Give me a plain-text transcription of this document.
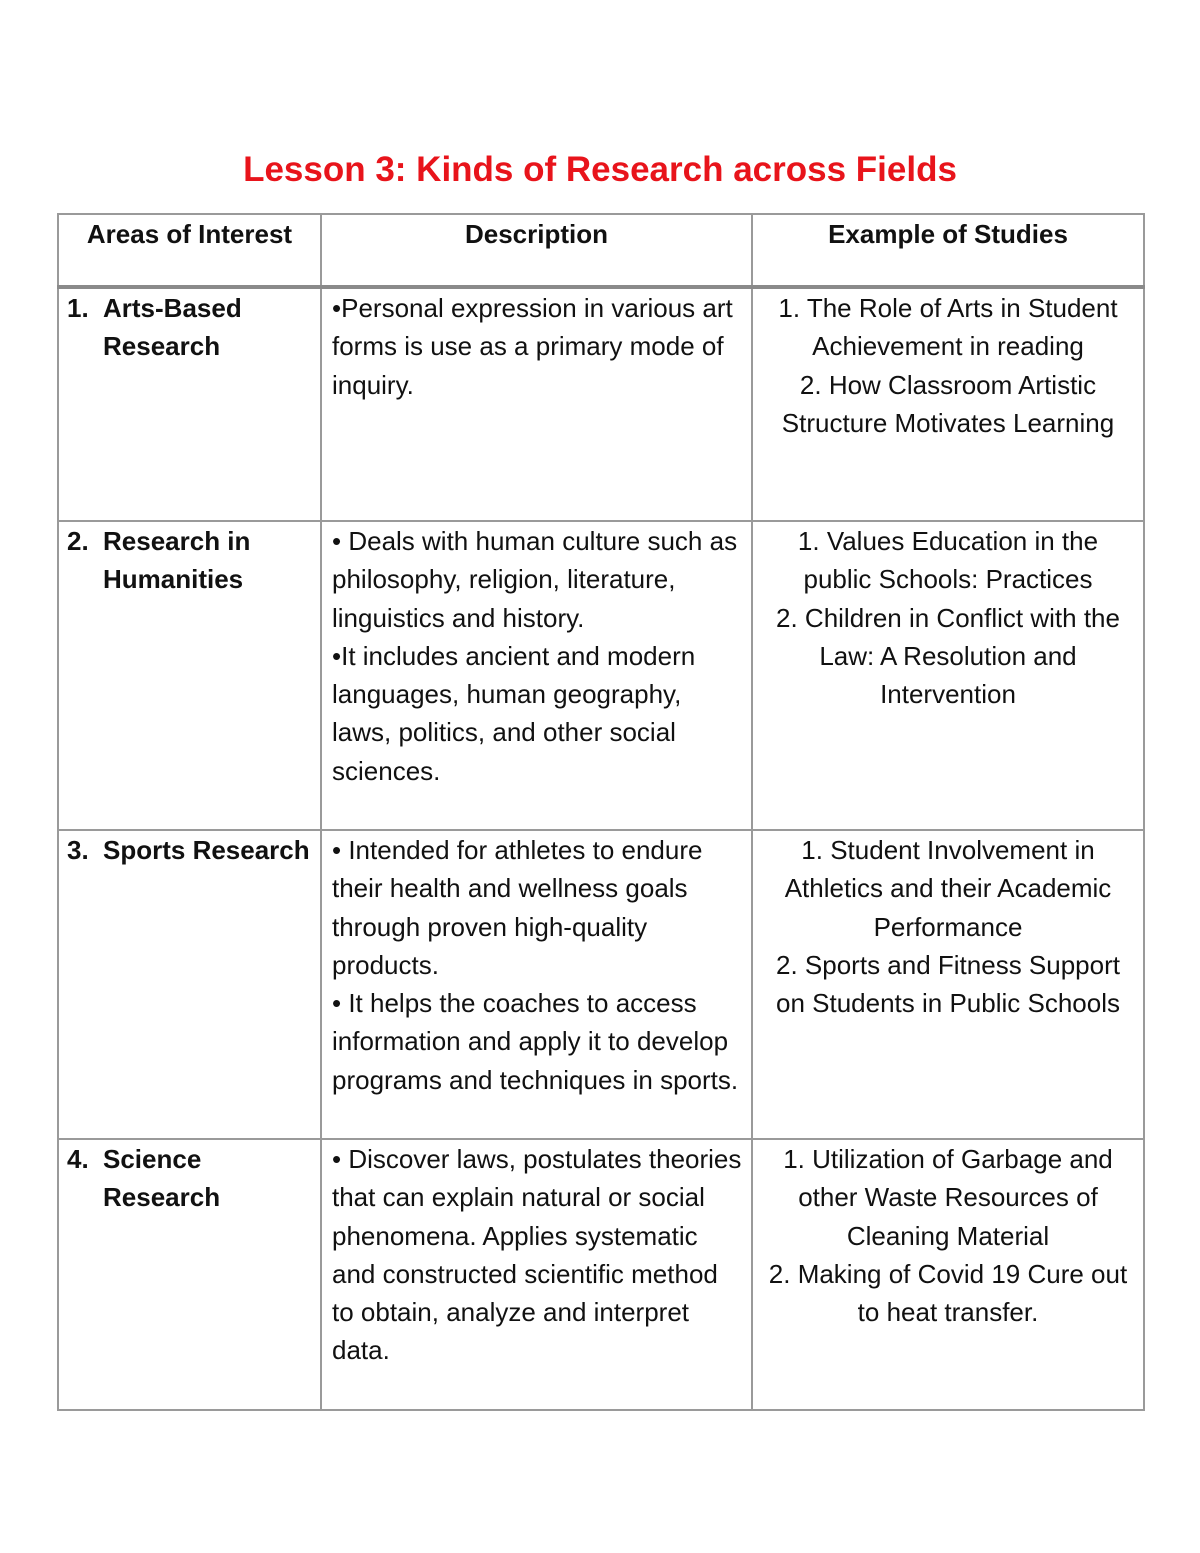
Lesson 3: Kinds of Research across Fields
Areas of Interest	Description	Example of Studies

1. Arts-Based Research	•Personal expression in various art forms is use as a primary mode of inquiry.	1. The Role of Arts in Student Achievement in reading
2. How Classroom Artistic Structure Motivates Learning

2. Research in Humanities	• Deals with human culture such as philosophy, religion, literature, linguistics and history.
•It includes ancient and modern languages, human geography, laws, politics, and other social sciences.	1. Values Education in the public Schools: Practices
2. Children in Conflict with the Law: A Resolution and Intervention

3. Sports Research	• Intended for athletes to endure their health and wellness goals through proven high-quality products.
• It helps the coaches to access information and apply it to develop programs and techniques in sports.	1. Student Involvement in Athletics and their Academic Performance
2. Sports and Fitness Support on Students in Public Schools

4. Science Research	• Discover laws, postulates theories that can explain natural or social phenomena. Applies systematic and constructed scientific method to obtain, analyze and interpret data.	1. Utilization of Garbage and other Waste Resources of Cleaning Material
2. Making of Covid 19 Cure out to heat transfer.
